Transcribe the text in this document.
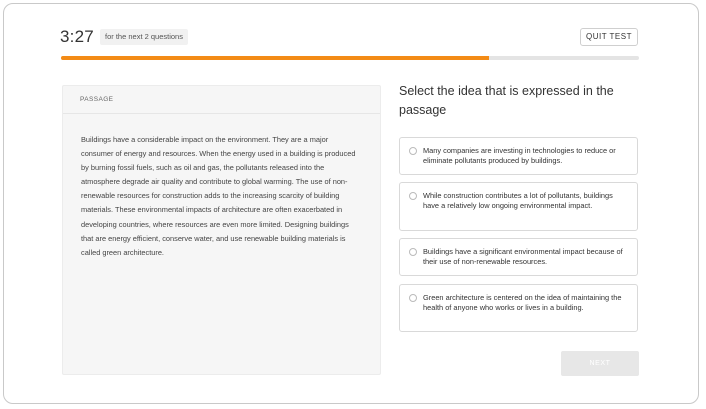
3:27	for the next 2 questions	QUIT TEST
PASSAGE
Buildings have a considerable impact on the environment. They are a major consumer of energy and resources. When the energy used in a building is produced by burning fossil fuels, such as oil and gas, the pollutants released into the atmosphere degrade air quality and contribute to global warming. The use of non-renewable resources for construction adds to the increasing scarcity of building materials. These environmental impacts of architecture are often exacerbated in developing countries, where resources are even more limited. Designing buildings that are energy efficient, conserve water, and use renewable building materials is called green architecture.
Select the idea that is expressed in the passage
Many companies are investing in technologies to reduce or eliminate pollutants produced by buildings.
While construction contributes a lot of pollutants, buildings have a relatively low ongoing environmental impact.
Buildings have a significant environmental impact because of their use of non-renewable resources.
Green architecture is centered on the idea of maintaining the health of anyone who works or lives in a building.
NEXT
